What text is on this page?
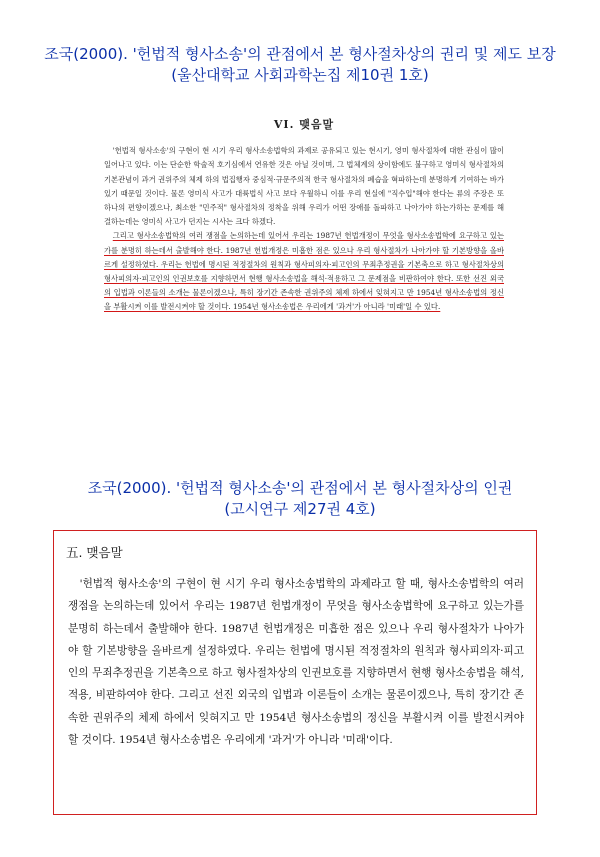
조국(2000). '헌법적 형사소송'의 관점에서 본 형사절차상의 권리 및 제도 보장
(울산대학교 사회과학논집 제10권 1호)
VI. 맺음말

'헌법적 형사소송'의 구현이 현 시기 우리 형사소송법학의 과제로 공유되고 있는 현시기, 영미 형사절차에 대한 관심이 많이 일어나고 있다. 이는 단순한 학술적 호기심에서 연유한 것은 아닐 것이며, 그 법체계의 상이함에도 불구하고 영미식 형사절차의 기본관념이 과거 권위주의 체제 하의 법집행자 중심적·규문주의적 한국 형사절차의 폐습을 혁파하는데 분명하게 기여하는 바가 있기 때문일 것이다. 물론 영미식 사고가 대륙법식 사고 보다 우월하니 이를 우리 현실에 "직수입"해야 한다는 류의 주장은 또 하나의 편향이겠으나, 최소한 "민주적" 형사절차의 정착을 위해 우리가 어떤 장애를 돌파하고 나아가야 하는가하는 문제를 해결하는데는 영미식 사고가 던지는 시사는 크다 하겠다.

그리고 형사소송법학의 여러 쟁점을 논의하는데 있어서 우리는 1987년 헌법개정이 무엇을 형사소송법학에 요구하고 있는가를 분명히 하는데서 출발해야 한다. 1987년 헌법개정은 미흡한 점은 있으나 우리 형사절차가 나아가야 할 기본방향을 올바르게 설정하였다. 우리는 헌법에 명시된 적정절차의 원칙과 형사피의자·피고인의 무죄추정권을 기본축으로 하고 형사절차상의 형사피의자·피고인의 인권보호를 지향하면서 현행 형사소송법을 해석·적용하고 그 문제점을 비판하여야 한다. 또한 선진 외국의 입법과 이론들의 소개는 물론이겠으나, 특히 장기간 존속한 권위주의 체제 하에서 잊혀지고 만 1954년 형사소송법의 정신을 부활시켜 이를 발전시켜야 할 것이다. 1954년 형사소송법은 우리에게 '과거'가 아니라 '미래'일 수 있다.

조국(2000). '헌법적 형사소송'의 관점에서 본 형사절차상의 인권
(고시연구 제27권 4호)
五. 맺음말

'헌법적 형사소송'의 구현이 현 시기 우리 형사소송법학의 과제라고 할 때, 형사소송법학의 여러 쟁점을 논의하는데 있어서 우리는 1987년 헌법개정이 무엇을 형사소송법학에 요구하고 있는가를 분명히 하는데서 출발해야 한다. 1987년 헌법개정은 미흡한 점은 있으나 우리 형사절차가 나아가야 할 기본방향을 올바르게 설정하였다. 우리는 헌법에 명시된 적정절차의 원칙과 형사피의자·피고인의 무죄추정권을 기본축으로 하고 형사절차상의 인권보호를 지향하면서 현행 형사소송법을 해석, 적용, 비판하여야 한다. 그리고 선진 외국의 입법과 이론들이 소개는 물론이겠으나, 특히 장기간 존속한 권위주의 체제 하에서 잊혀지고 만 1954년 형사소송법의 정신을 부활시켜 이를 발전시켜야 할 것이다. 1954년 형사소송법은 우리에게 '과거'가 아니라 '미래'이다.
